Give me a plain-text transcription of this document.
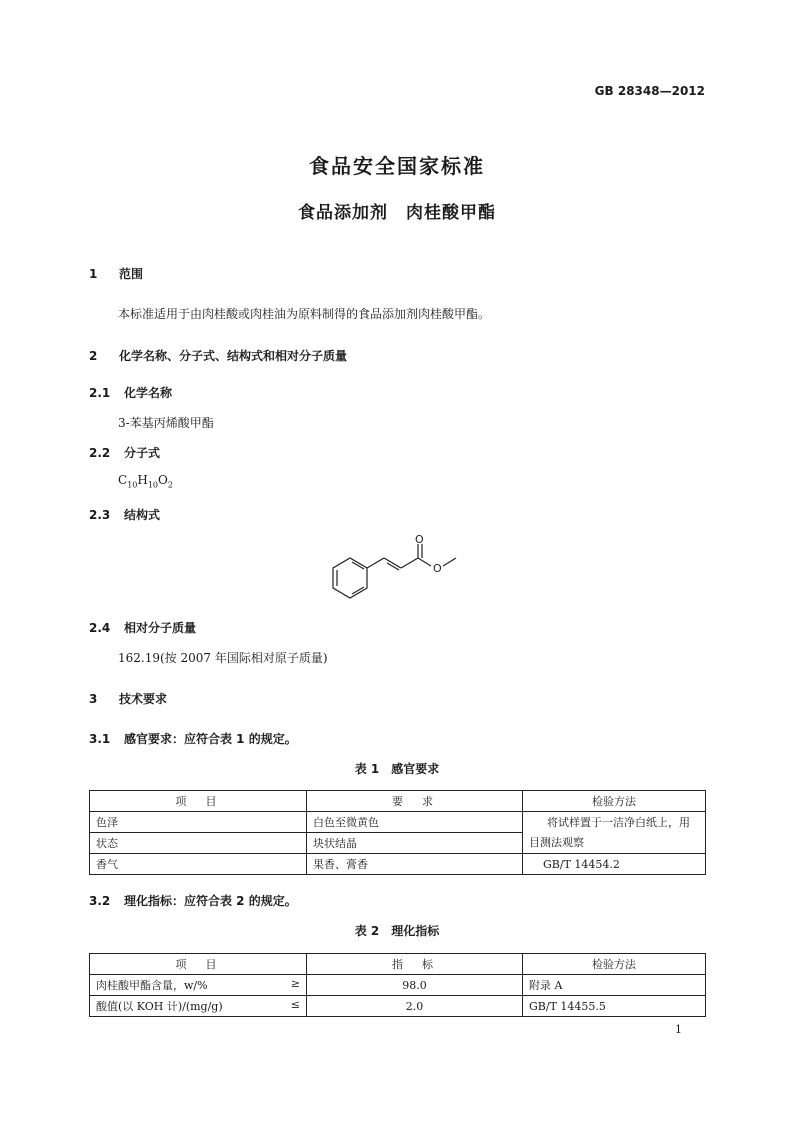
GB 28348—2012
食品安全国家标准
食品添加剂　肉桂酸甲酯
1 范围
本标准适用于由肉桂酸或肉桂油为原料制得的食品添加剂肉桂酸甲酯。
2 化学名称、分子式、结构式和相对分子质量
2.1 化学名称
3-苯基丙烯酸甲酯
2.2 分子式
$C_{10}H_{10}O_2$
2.3 结构式
O
O
2.4 相对分子质量
162.19(按 2007 年国际相对原子质量)
3 技术要求
3.1 感官要求：应符合表 1 的规定。
表 1　感官要求
项　目	要　求	检验方法
色泽	白色至微黄色	将试样置于一洁净白纸上，用目测法观察
状态	块状结晶	
香气	果香、膏香	GB/T 14454.2
3.2 理化指标：应符合表 2 的规定。
表 2　理化指标
项　目	指　标	检验方法
肉桂酸甲酯含量，w/% ≥	98.0	附录 A
酸值(以 KOH 计)/(mg/g) ≤	2.0	GB/T 14455.5
1
